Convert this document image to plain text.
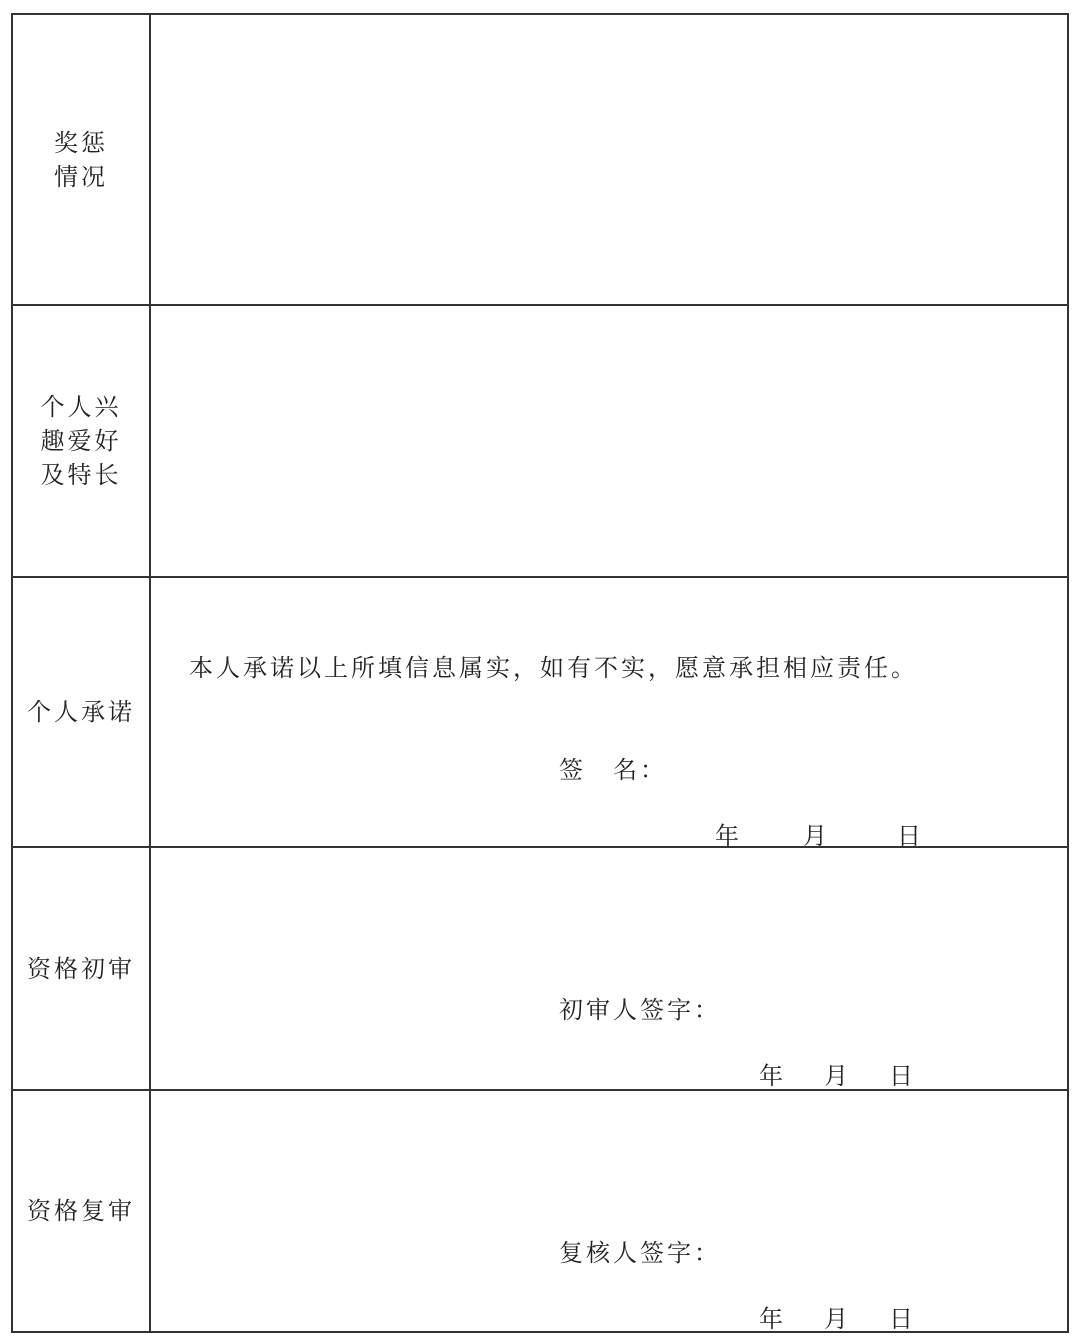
奖惩
情况
个人兴
趣爱好
及特长
个人承诺
本人承诺以上所填信息属实，如有不实，愿意承担相应责任。
签　名：
年	月	日
资格初审
初审人签字：
年 月 日
资格复审
复核人签字：
年 月 日
